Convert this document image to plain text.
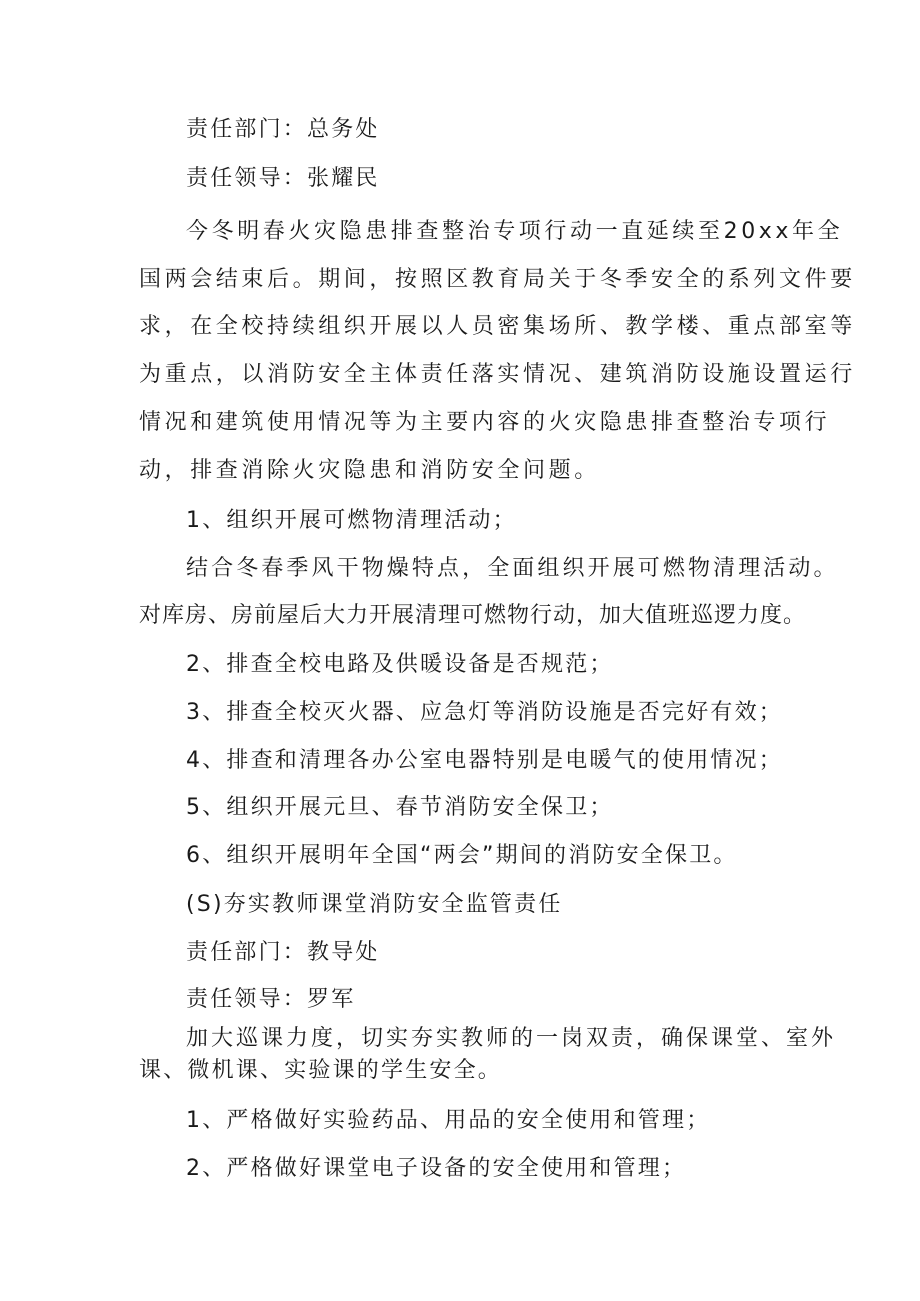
责任部门：总务处
责任领导：张耀民
今冬明春火灾隐患排查整治专项行动一直延续至20xx年全
国两会结束后。期间，按照区教育局关于冬季安全的系列文件要
求，在全校持续组织开展以人员密集场所、教学楼、重点部室等
为重点，以消防安全主体责任落实情况、建筑消防设施设置运行
情况和建筑使用情况等为主要内容的火灾隐患排查整治专项行
动，排查消除火灾隐患和消防安全问题。
1、组织开展可燃物清理活动；
结合冬春季风干物燥特点，全面组织开展可燃物清理活动。
对库房、房前屋后大力开展清理可燃物行动，加大值班巡逻力度。
2、排查全校电路及供暖设备是否规范；
3、排查全校灭火器、应急灯等消防设施是否完好有效；
4、排查和清理各办公室电器特别是电暖气的使用情况；
5、组织开展元旦、春节消防安全保卫；
6、组织开展明年全国“两会”期间的消防安全保卫。
(S)夯实教师课堂消防安全监管责任
责任部门：教导处
责任领导：罗军
加大巡课力度，切实夯实教师的一岗双责，确保课堂、室外
课、微机课、实验课的学生安全。
1、严格做好实验药品、用品的安全使用和管理；
2、严格做好课堂电子设备的安全使用和管理；
